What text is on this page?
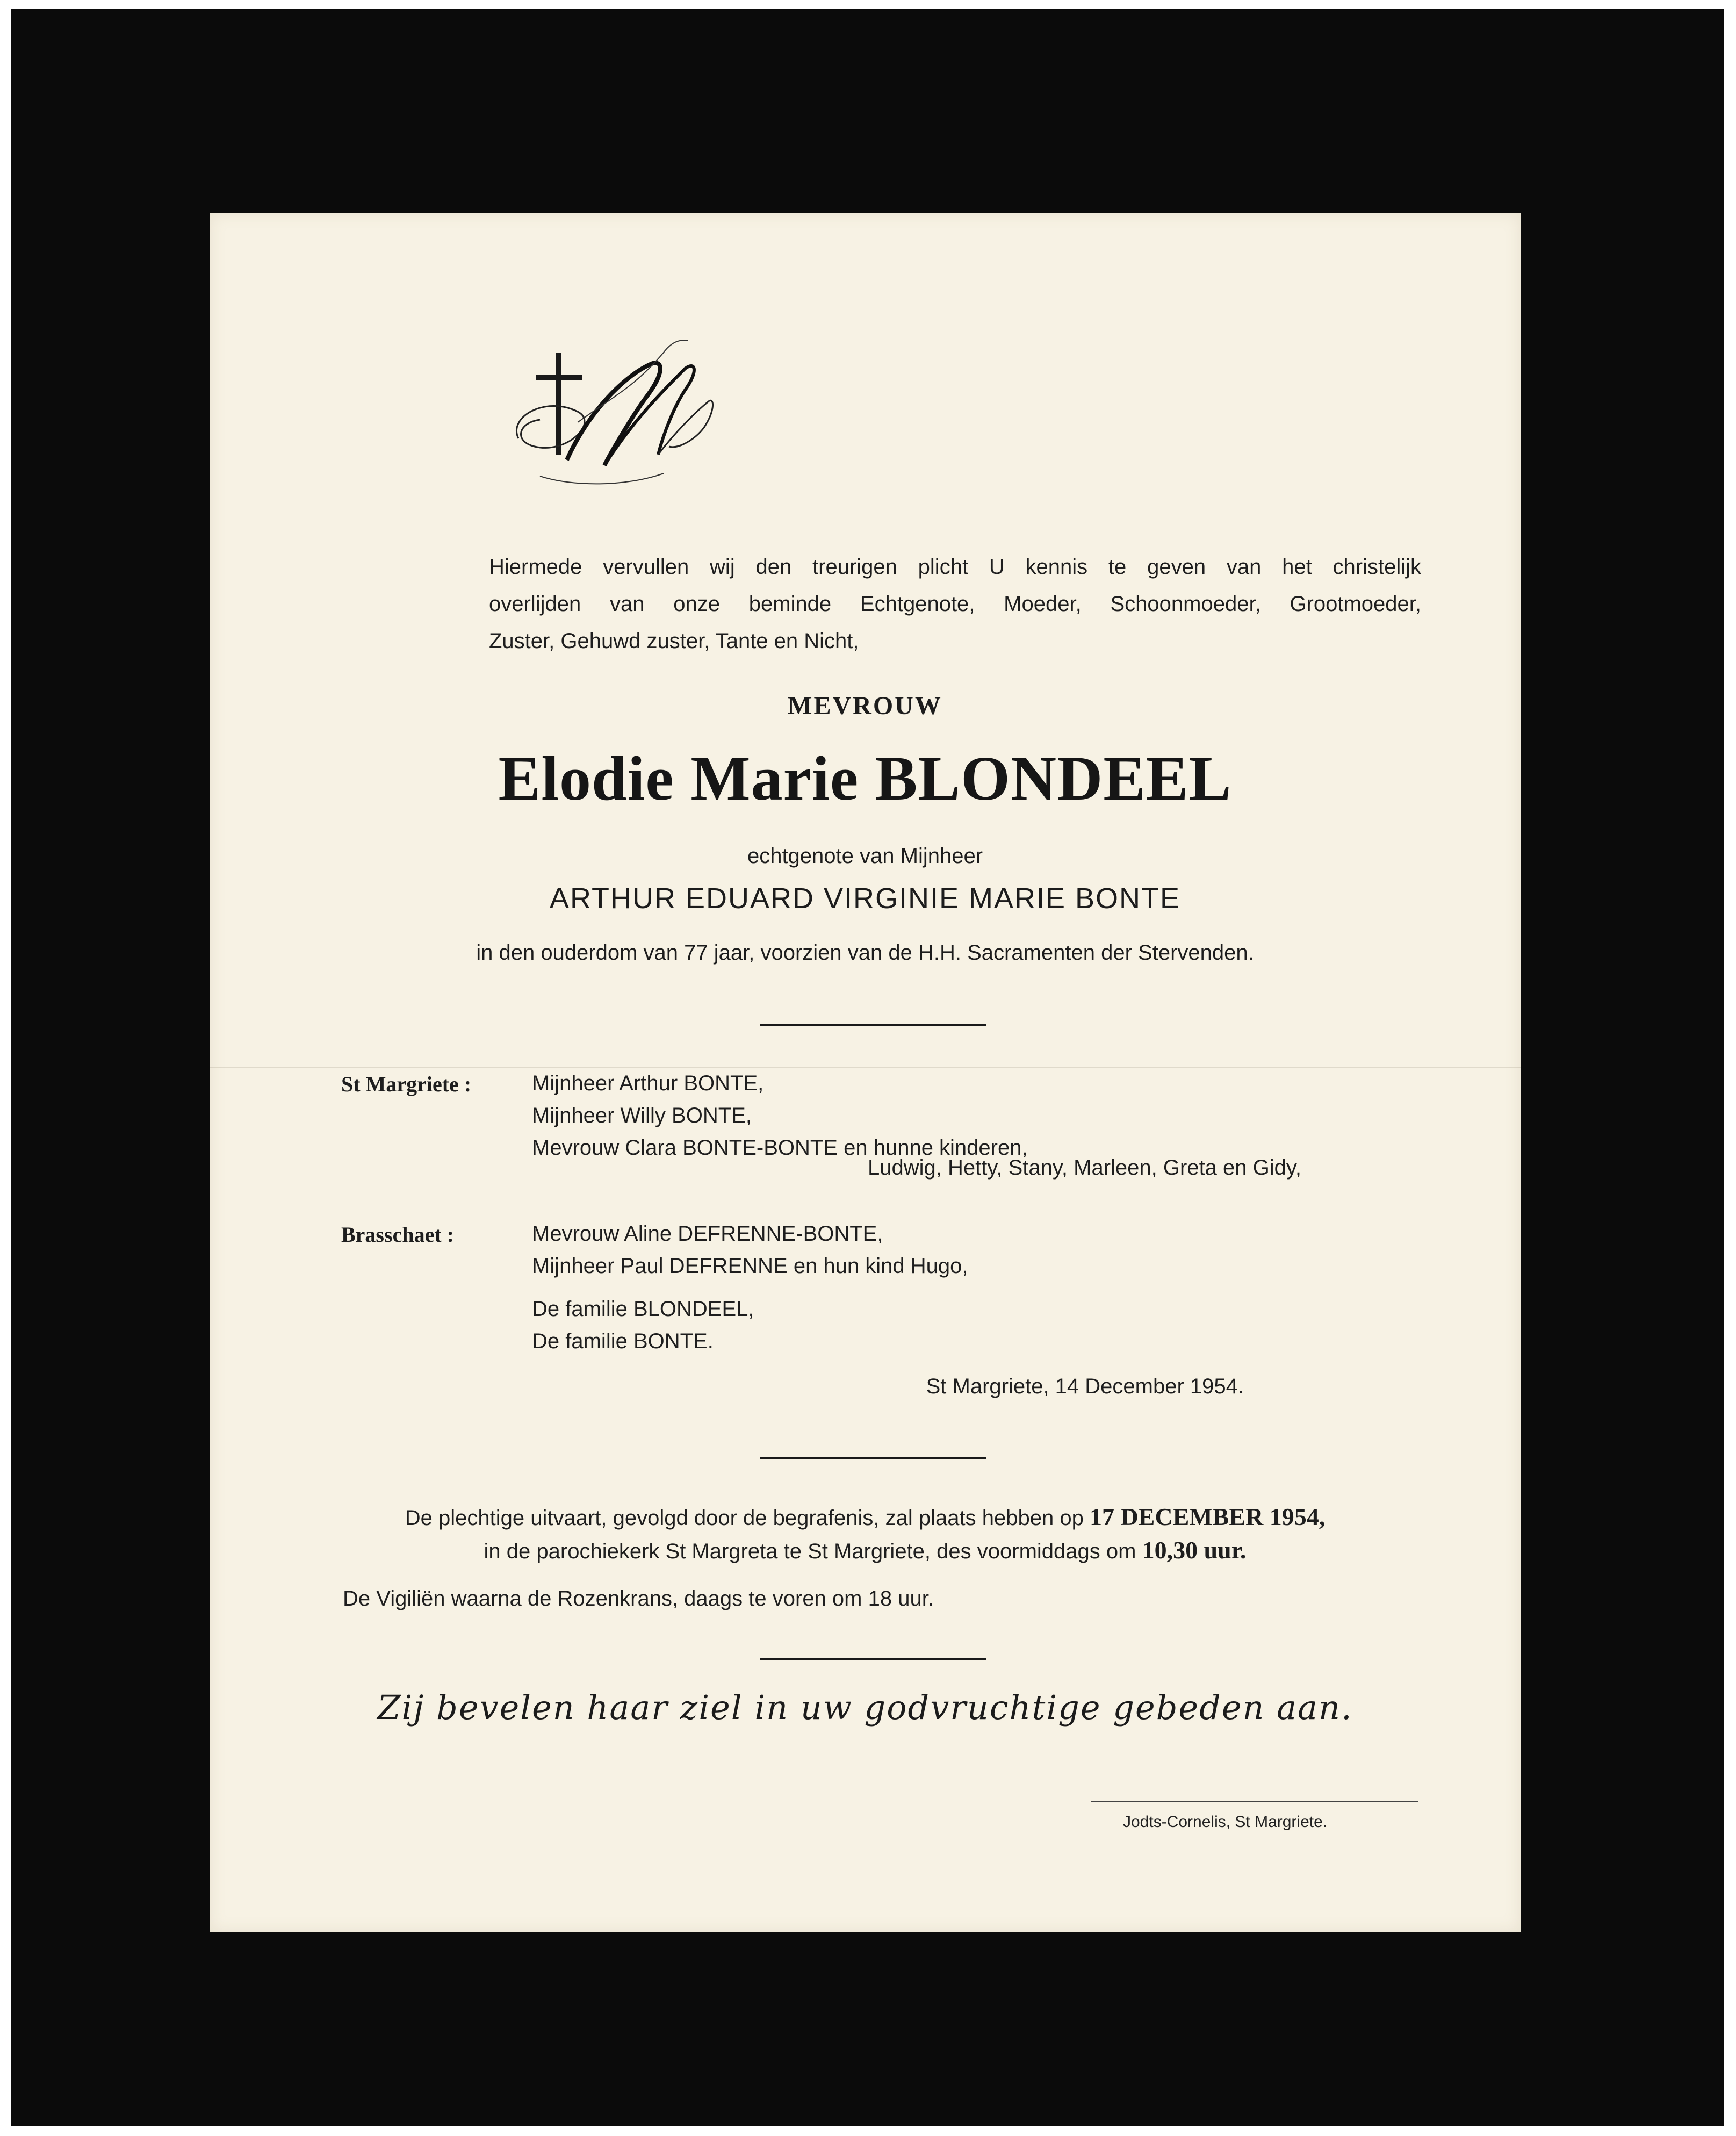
Hiermede vervullen wij den treurigen plicht U kennis te geven van het christelijk

overlijden van onze beminde Echtgenote, Moeder, Schoonmoeder, Grootmoeder,

Zuster, Gehuwd zuster, Tante en Nicht,

MEVROUW
Elodie Marie BLONDEEL
echtgenote van Mijnheer
ARTHUR EDUARD VIRGINIE MARIE BONTE
in den ouderdom van 77 jaar, voorzien van de H.H. Sacramenten der Stervenden.
St Margriete :	Mijnheer Arthur BONTE,
Mijnheer Willy BONTE,
Mevrouw Clara BONTE-BONTE en hunne kinderen,
Ludwig, Hetty, Stany, Marleen, Greta en Gidy,
Brasschaet :	Mevrouw Aline DEFRENNE-BONTE,
Mijnheer Paul DEFRENNE en hun kind Hugo,
De familie BLONDEEL,
De familie BONTE.
St Margriete, 14 December 1954.
De plechtige uitvaart, gevolgd door de begrafenis, zal plaats hebben op 17 DECEMBER 1954,
in de parochiekerk St Margreta te St Margriete, des voormiddags om 10,30 uur.
De Vigiliën waarna de Rozenkrans, daags te voren om 18 uur.
Zij bevelen haar ziel in uw godvruchtige gebeden aan.
Jodts-Cornelis, St Margriete.
